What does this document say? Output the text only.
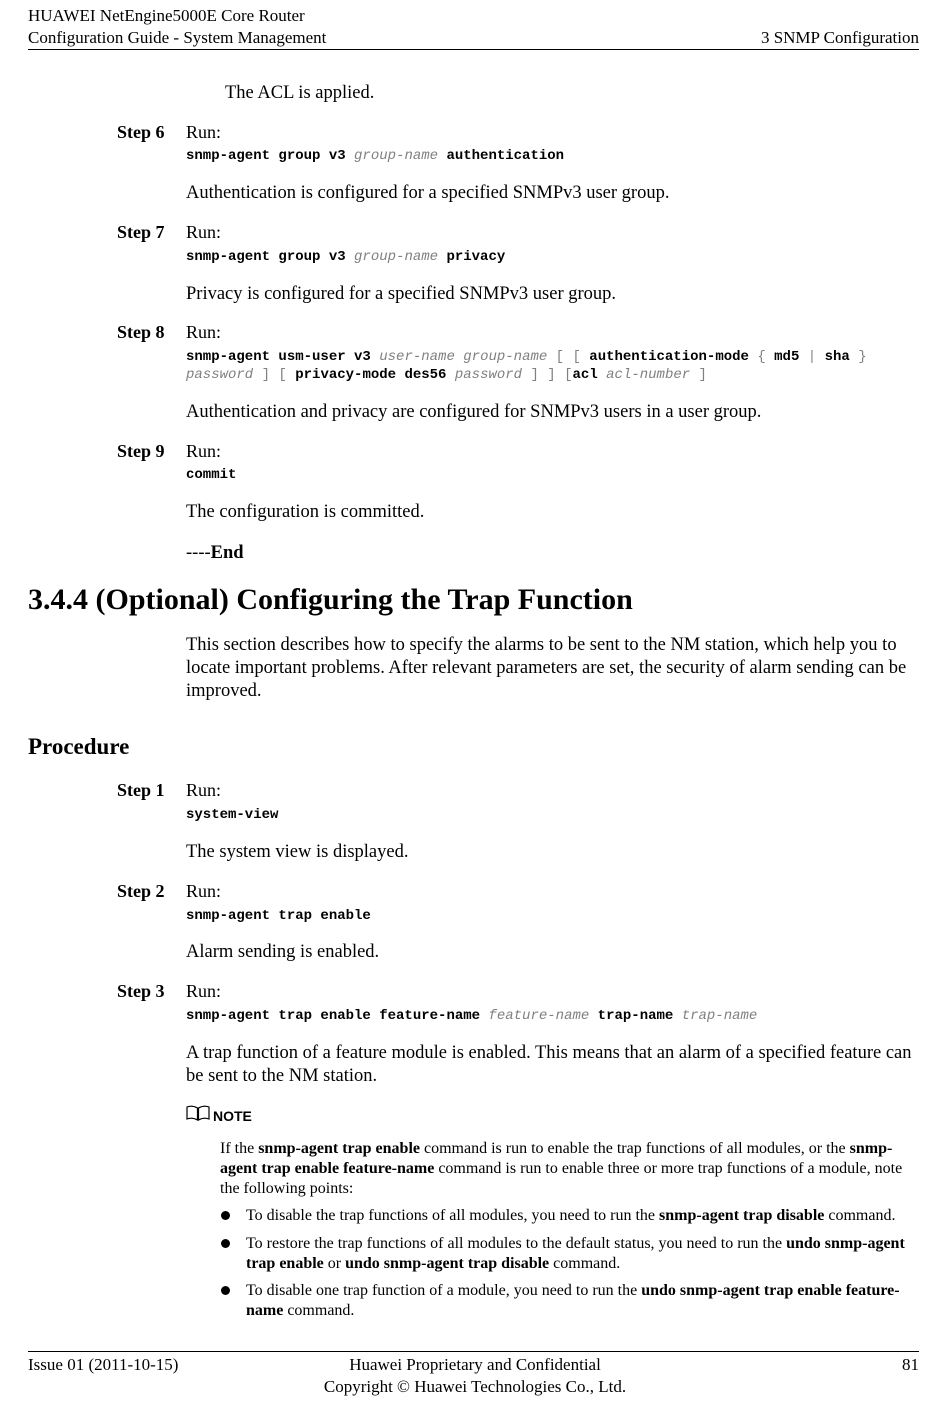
HUAWEI NetEngine5000E Core Router
Configuration Guide - System Management	3 SNMP Configuration
The ACL is applied.
Step 6 Run:
snmp-agent group v3 group-name authentication
Authentication is configured for a specified SNMPv3 user group.
Step 7 Run:
snmp-agent group v3 group-name privacy
Privacy is configured for a specified SNMPv3 user group.
Step 8 Run:
snmp-agent usm-user v3 user-name group-name [ [ authentication-mode { md5 | sha }
password ] [ privacy-mode des56 password ] ] [acl acl-number ]
Authentication and privacy are configured for SNMPv3 users in a user group.
Step 9 Run:
commit
The configuration is committed.
----End
3.4.4 (Optional) Configuring the Trap Function
This section describes how to specify the alarms to be sent to the NM station, which help you to locate important problems. After relevant parameters are set, the security of alarm sending can be improved.
Procedure
Step 1 Run:
system-view
The system view is displayed.
Step 2 Run:
snmp-agent trap enable
Alarm sending is enabled.
Step 3 Run:
snmp-agent trap enable feature-name feature-name trap-name trap-name
A trap function of a feature module is enabled. This means that an alarm of a specified feature can be sent to the NM station.
NOTE
If the snmp-agent trap enable command is run to enable the trap functions of all modules, or the snmp-agent trap enable feature-name command is run to enable three or more trap functions of a module, note the following points:
To disable the trap functions of all modules, you need to run the snmp-agent trap disable command.
To restore the trap functions of all modules to the default status, you need to run the undo snmp-agent trap enable or undo snmp-agent trap disable command.
To disable one trap function of a module, you need to run the undo snmp-agent trap enable feature-name command.
Issue 01 (2011-10-15)	Huawei Proprietary and Confidential
Copyright © Huawei Technologies Co., Ltd.
81
